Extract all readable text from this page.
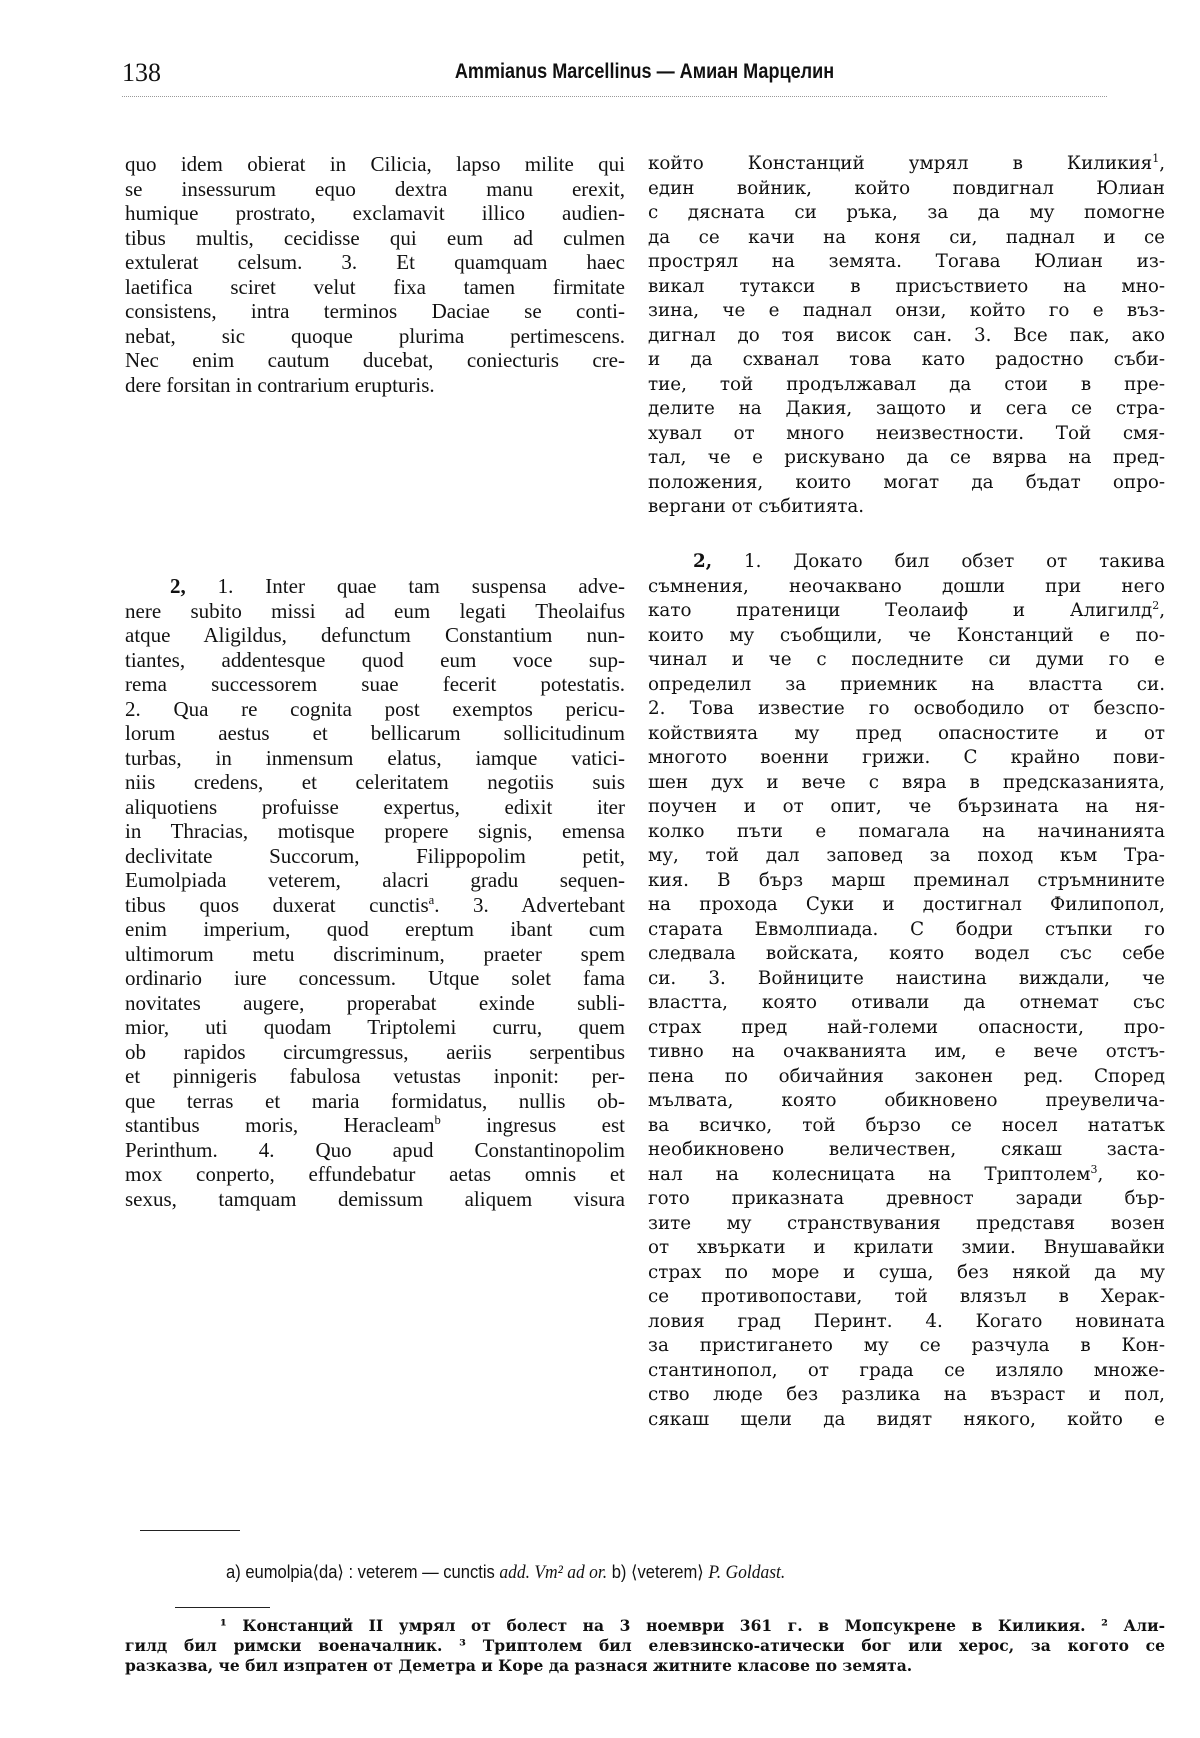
138	Ammianus Marcellinus — Амиан Марцелин
quo idem obierat in Cilicia, lapso milite qui
se insessurum equo dextra manu erexit,
humique prostrato, exclamavit illico audien-
tibus multis, cecidisse qui eum ad culmen
extulerat celsum. 3. Et quamquam haec
laetifica sciret velut fixa tamen firmitate
consistens, intra terminos Daciae se conti-
nebat, sic quoque plurima pertimescens.
Nec enim cautum ducebat, coniecturis cre-
dere forsitan in contrarium erupturis.
2, 1. Inter quae tam suspensa adve-
nere subito missi ad eum legati Theolaifus
atque Aligildus, defunctum Constantium nun-
tiantes, addentesque quod eum voce sup-
rema successorem suae fecerit potestatis.
2. Qua re cognita post exemptos pericu-
lorum aestus et bellicarum sollicitudinum
turbas, in inmensum elatus, iamque vatici-
niis credens, et celeritatem negotiis suis
aliquotiens profuisse expertus, edixit iter
in Thracias, motisque propere signis, emensa
declivitate Succorum, Filippopolim petit,
Eumolpiada veterem, alacri gradu sequen-
tibus quos duxerat cunctis$^a$. 3. Advertebant
enim imperium, quod ereptum ibant cum
ultimorum metu discriminum, praeter spem
ordinario iure concessum. Utque solet fama
novitates augere, properabat exinde subli-
mior, uti quodam Triptolemi curru, quem
ob rapidos circumgressus, aeriis serpentibus
et pinnigeris fabulosa vetustas inponit: per-
que terras et maria formidatus, nullis ob-
stantibus moris, Heracleam$^b$ ingresus est
Perinthum. 4. Quo apud Constantinopolim
mox conperto, effundebatur aetas omnis et
sexus, tamquam demissum aliquem visura
който Констанций умрял в Киликия$^1$,
един войник, който повдигнал Юлиан
с дясната си ръка, за да му помогне
да се качи на коня си, паднал и се
простpял на земята. Тогава Юлиан из-
викал тутакси в присъствието на мно-
зина, че е паднал онзи, който го е въз-
дигнал до тоя висок сан. 3. Все пак, ако
и да схванал това като радостно съби-
тие, той продължавал да стои в пре-
делите на Дакия, защото и сега се стра-
хувал от много неизвестности. Той смя-
тал, че е рискувано да се вярва на пред-
положения, които могат да бъдат опро-
вергани от събитията.
2, 1. Докато бил обзет от такива
съмнения, неочаквано дошли при него
като пратеници Теолаиф и Алигилд$^2$,
които му съобщили, че Констанций е по-
чинал и че с последните си думи го е
определил за приемник на властта си.
2. Това известие го освободило от безспо-
койствията му пред опасностите и от
многото военни грижи. С крайно пови-
шен дух и вече с вяра в предсказанията,
поучен и от опит, че бързината на ня-
колко пъти е помагала на начинанията
му, той дал заповед за поход към Тра-
кия. В бърз марш преминал стръмнините
на прохода Суки и достигнал Филипопол,
старата Евмолпиада. С бодри стъпки го
следвала войската, която водел със себе
си. 3. Войниците наистина виждали, че
властта, която отивали да отнемат със
страх пред най-големи опасности, про-
тивно на очакванията им, е вече отстъ-
пена по обичайния законен ред. Според
мълвата, която обикновено преувелича-
ва всичко, той бързо се носел нататък
необикновено величествен, сякаш заста-
нал на колесницата на Триптолем$^3$, ко-
гото приказната древност заради бър-
зите му странствувания представя возен
от хвъркати и крилати змии. Внушавайки
страх по море и суша, без някой да му
се противопостави, той влязъл в Херак-
ловия град Перинт. 4. Когато новината
за пристигането му се разчула в Кон-
стантинопол, от града се изляло множе-
ство люде без разлика на възраст и пол,
сякаш щели да видят някого, който е
a) eumolpia⟨da⟩ : veterem — cunctis add. Vm² ad or. b) ⟨veterem⟩ P. Goldast.
¹ Констанций II умрял от болест на 3 ноември 361 г. в Мопсукрене в Киликия. ² Али-
гилд бил римски военачалник. ³ Триптолем бил елевзинско-атически бог или херос, за когото се
разказва, че бил изпратен от Деметра и Коре да разнася житните класове по земята.
